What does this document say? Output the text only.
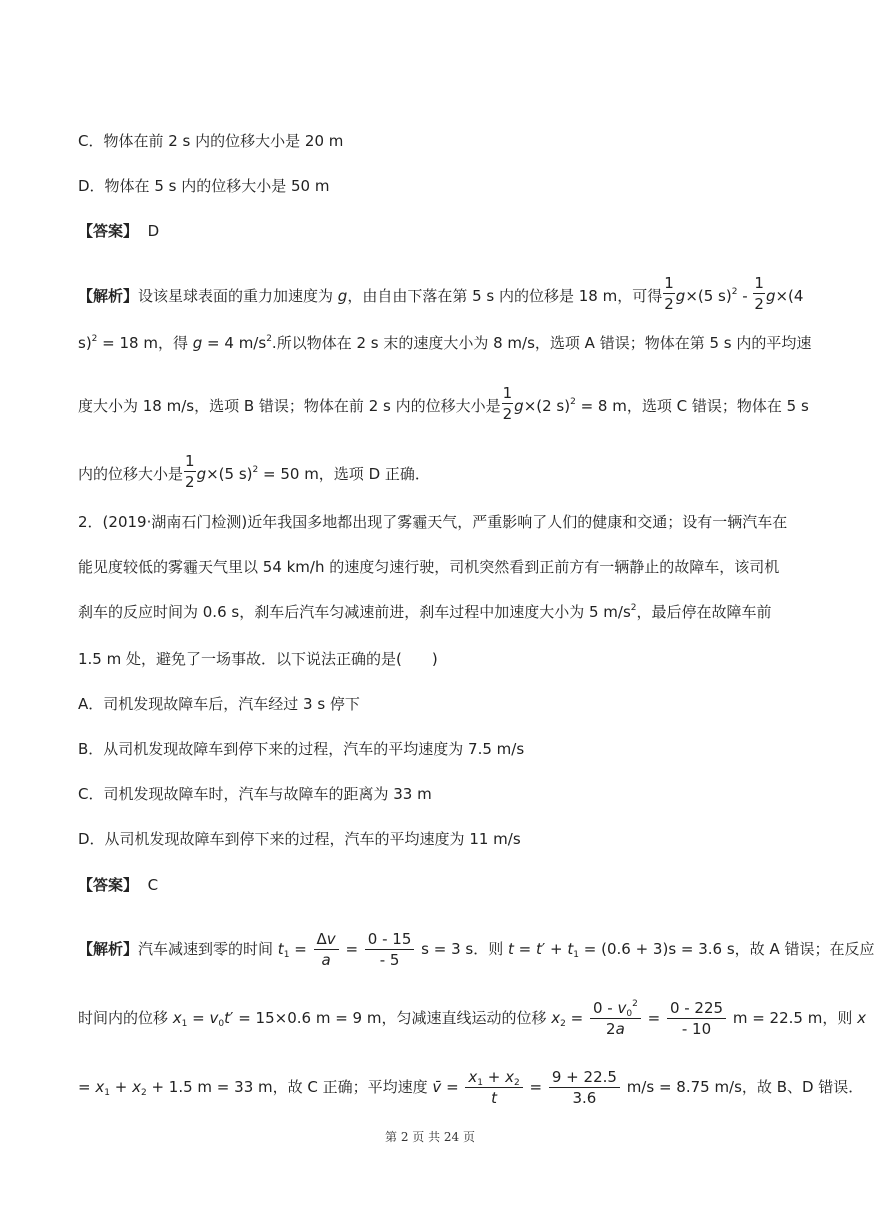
C．物体在前 2 s 内的位移大小是 20 m
D．物体在 5 s 内的位移大小是 50 m
【答案】 D
【解析】设该星球表面的重力加速度为 g，由自由下落在第 5 s 内的位移是 18 m，可得 $\frac{1}{2} g\times(5$ $s)^2 - \frac{1}{2} g\times(4$
s)$^2$ = 18 m，得 g = 4 $m/s^2$.所以物体在 2 s 末的速度大小为 8 m/s，选项 A 错误；物体在第 5 s 内的平均速
度大小为 18 m/s，选项 B 错误；物体在前 2 s 内的位移大小是 $\frac{1}{2} g\times(2$ s)$^2$ = 8 m，选项 C 错误；物体在 5 s
内的位移大小是 $\frac{1}{2} g\times(5$ s)$^2$ = 50 m，选项 D 正确．
2．(2019·湖南石门检测)近年我国多地都出现了雾霾天气，严重影响了人们的健康和交通；设有一辆汽车在
能见度较低的雾霾天气里以 54 km/h 的速度匀速行驶，司机突然看到正前方有一辆静止的故障车，该司机
刹车的反应时间为 0.6 s，刹车后汽车匀减速前进，刹车过程中加速度大小为 5 $m/s^2$，最后停在故障车前
1.5 m 处，避免了一场事故．以下说法正确的是(　　)
A．司机发现故障车后，汽车经过 3 s 停下
B．从司机发现故障车到停下来的过程，汽车的平均速度为 7.5 m/s
C．司机发现故障车时，汽车与故障车的距离为 33 m
D．从司机发现故障车到停下来的过程，汽车的平均速度为 11 m/s
【答案】 C
【解析】汽车减速到零的时间 $t_1 = \frac{\Delta v}{a} = \frac{0 - 15}{- 5}$ s = 3 s．则 $t = t' + t_1 = (0.6 + 3)s = 3.6$ s，故 A 错误；在反应
时间内的位移 $x_1 = v_0t' = 15\times 0.6$ m = 9 m，匀减速直线运动的位移 $x_2 = \frac{0 - v_0^2}{2a} = \frac{0 - 225}{- 10}$ m = 22.5 m，则 x
= $x_1 + x_2 + 1.5$ m = 33 m，故 C 正确；平均速度 v̄ = $\frac{x_1 + x_2}{t} = \frac{9 + 22.5}{3.6} m/s = 8.75$ m/s，故 B、D 错误．
第 2 页 共 24 页
